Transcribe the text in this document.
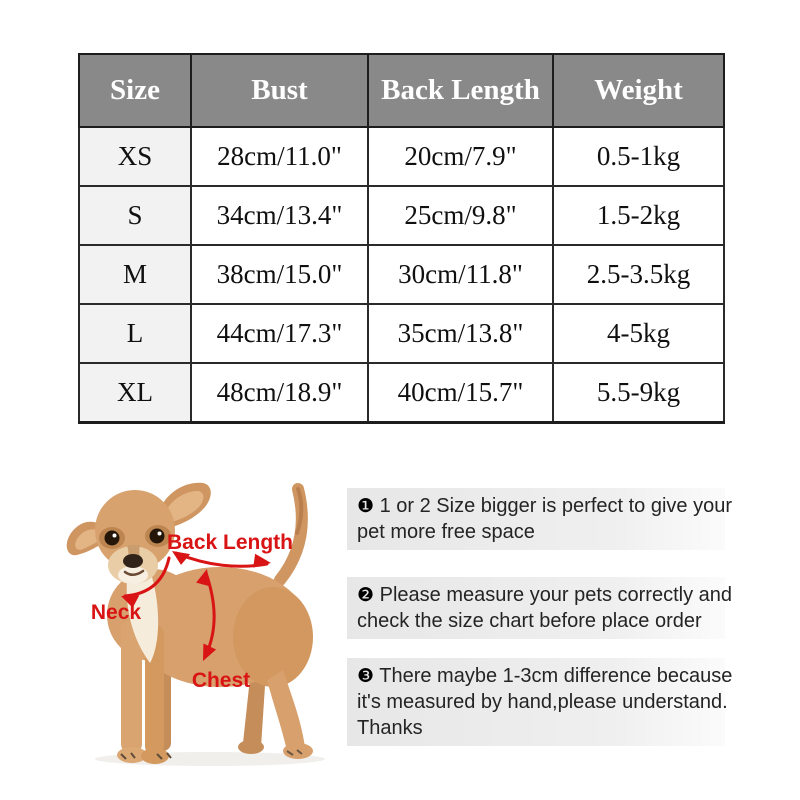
Size	Bust	Back Length	Weight
XS	28cm/11.0"	20cm/7.9"	0.5-1kg
S	34cm/13.4"	25cm/9.8"	1.5-2kg
M	38cm/15.0"	30cm/11.8"	2.5-3.5kg
L	44cm/17.3"	35cm/13.8"	4-5kg
XL	48cm/18.9"	40cm/15.7"	5.5-9kg
Back Length
Neck
Chest
❶ 1 or 2 Size bigger is perfect to give your
pet more free space
❷ Please measure your pets correctly and
check the size chart before place order
❸ There maybe 1-3cm difference because
it's measured by hand,please understand.
Thanks
